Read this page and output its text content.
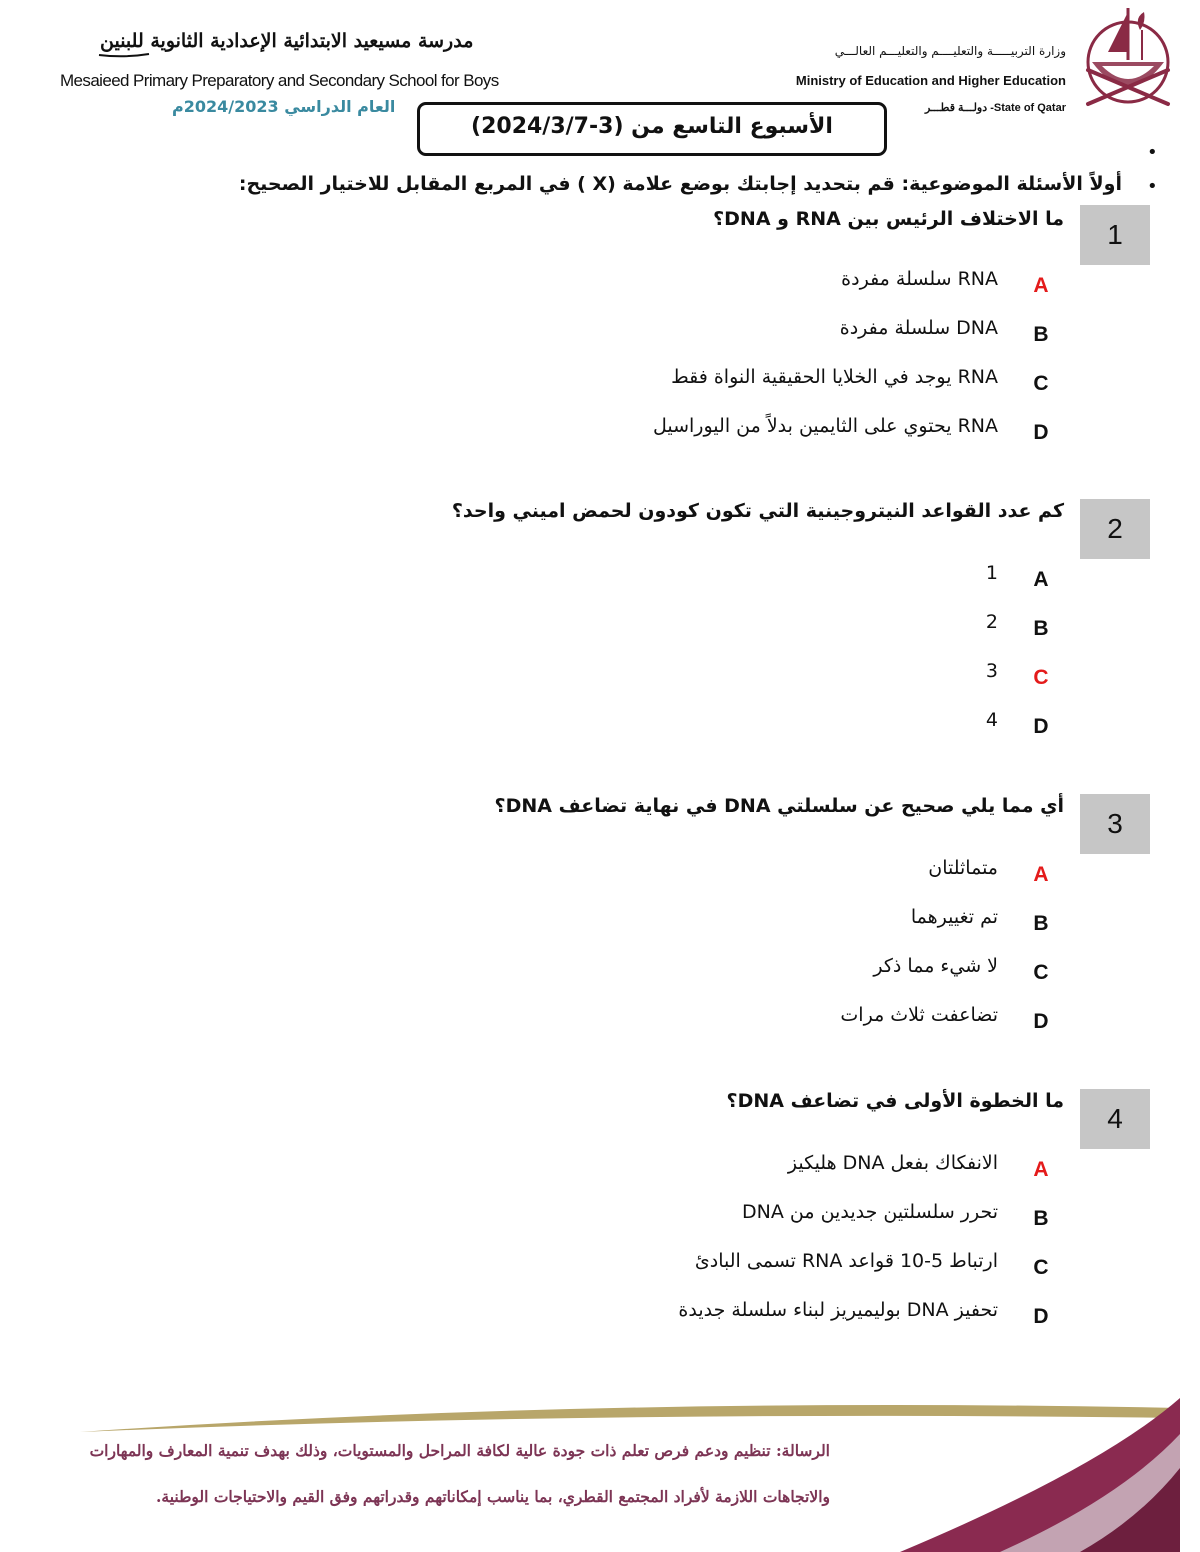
وزارة التربيـــــة والتعليــــم والتعليـــم العالـــي
Ministry of Education and Higher Education
State of Qatar- دولـــة قطـــر
مدرسة مسيعيد الابتدائية الإعدادية الثانوية للبنين
Mesaieed Primary Preparatory and Secondary School for Boys
العام الدراسي 2024/2023م
الأسبوع التاسع من (3-2024/3/7)
•
•
أولاً الأسئلة الموضوعية: قم بتحديد إجابتك بوضع علامة (X ) في المربع المقابل للاختيار الصحيح:
1
ما الاختلاف الرئيس بين RNA و DNA؟
RNA سلسلة مفردة A
DNA سلسلة مفردة B
RNA يوجد في الخلايا الحقيقية النواة فقط C
RNA يحتوي على الثايمين بدلاً من اليوراسيل D
2
كم عدد القواعد النيتروجينية التي تكون كودون لحمض اميني واحد؟
1 A
2 B
3 C
4 D
3
أي مما يلي صحيح عن سلسلتي DNA في نهاية تضاعف DNA؟
متماثلتان A
تم تغييرهما B
لا شيء مما ذكر C
تضاعفت ثلاث مرات D
4
ما الخطوة الأولى في تضاعف DNA؟
الانفكاك بفعل DNA هليكيز A
تحرر سلسلتين جديدين من DNA B
ارتباط 5-10 قواعد RNA تسمى البادئ C
تحفيز DNA بوليميريز لبناء سلسلة جديدة D
الرسالة: تنظيم ودعم فرص تعلم ذات جودة عالية لكافة المراحل والمستويات، وذلك بهدف تنمية المعارف والمهارات
والاتجاهات اللازمة لأفراد المجتمع القطري، بما يناسب إمكاناتهم وقدراتهم وفق القيم والاحتياجات الوطنية.
